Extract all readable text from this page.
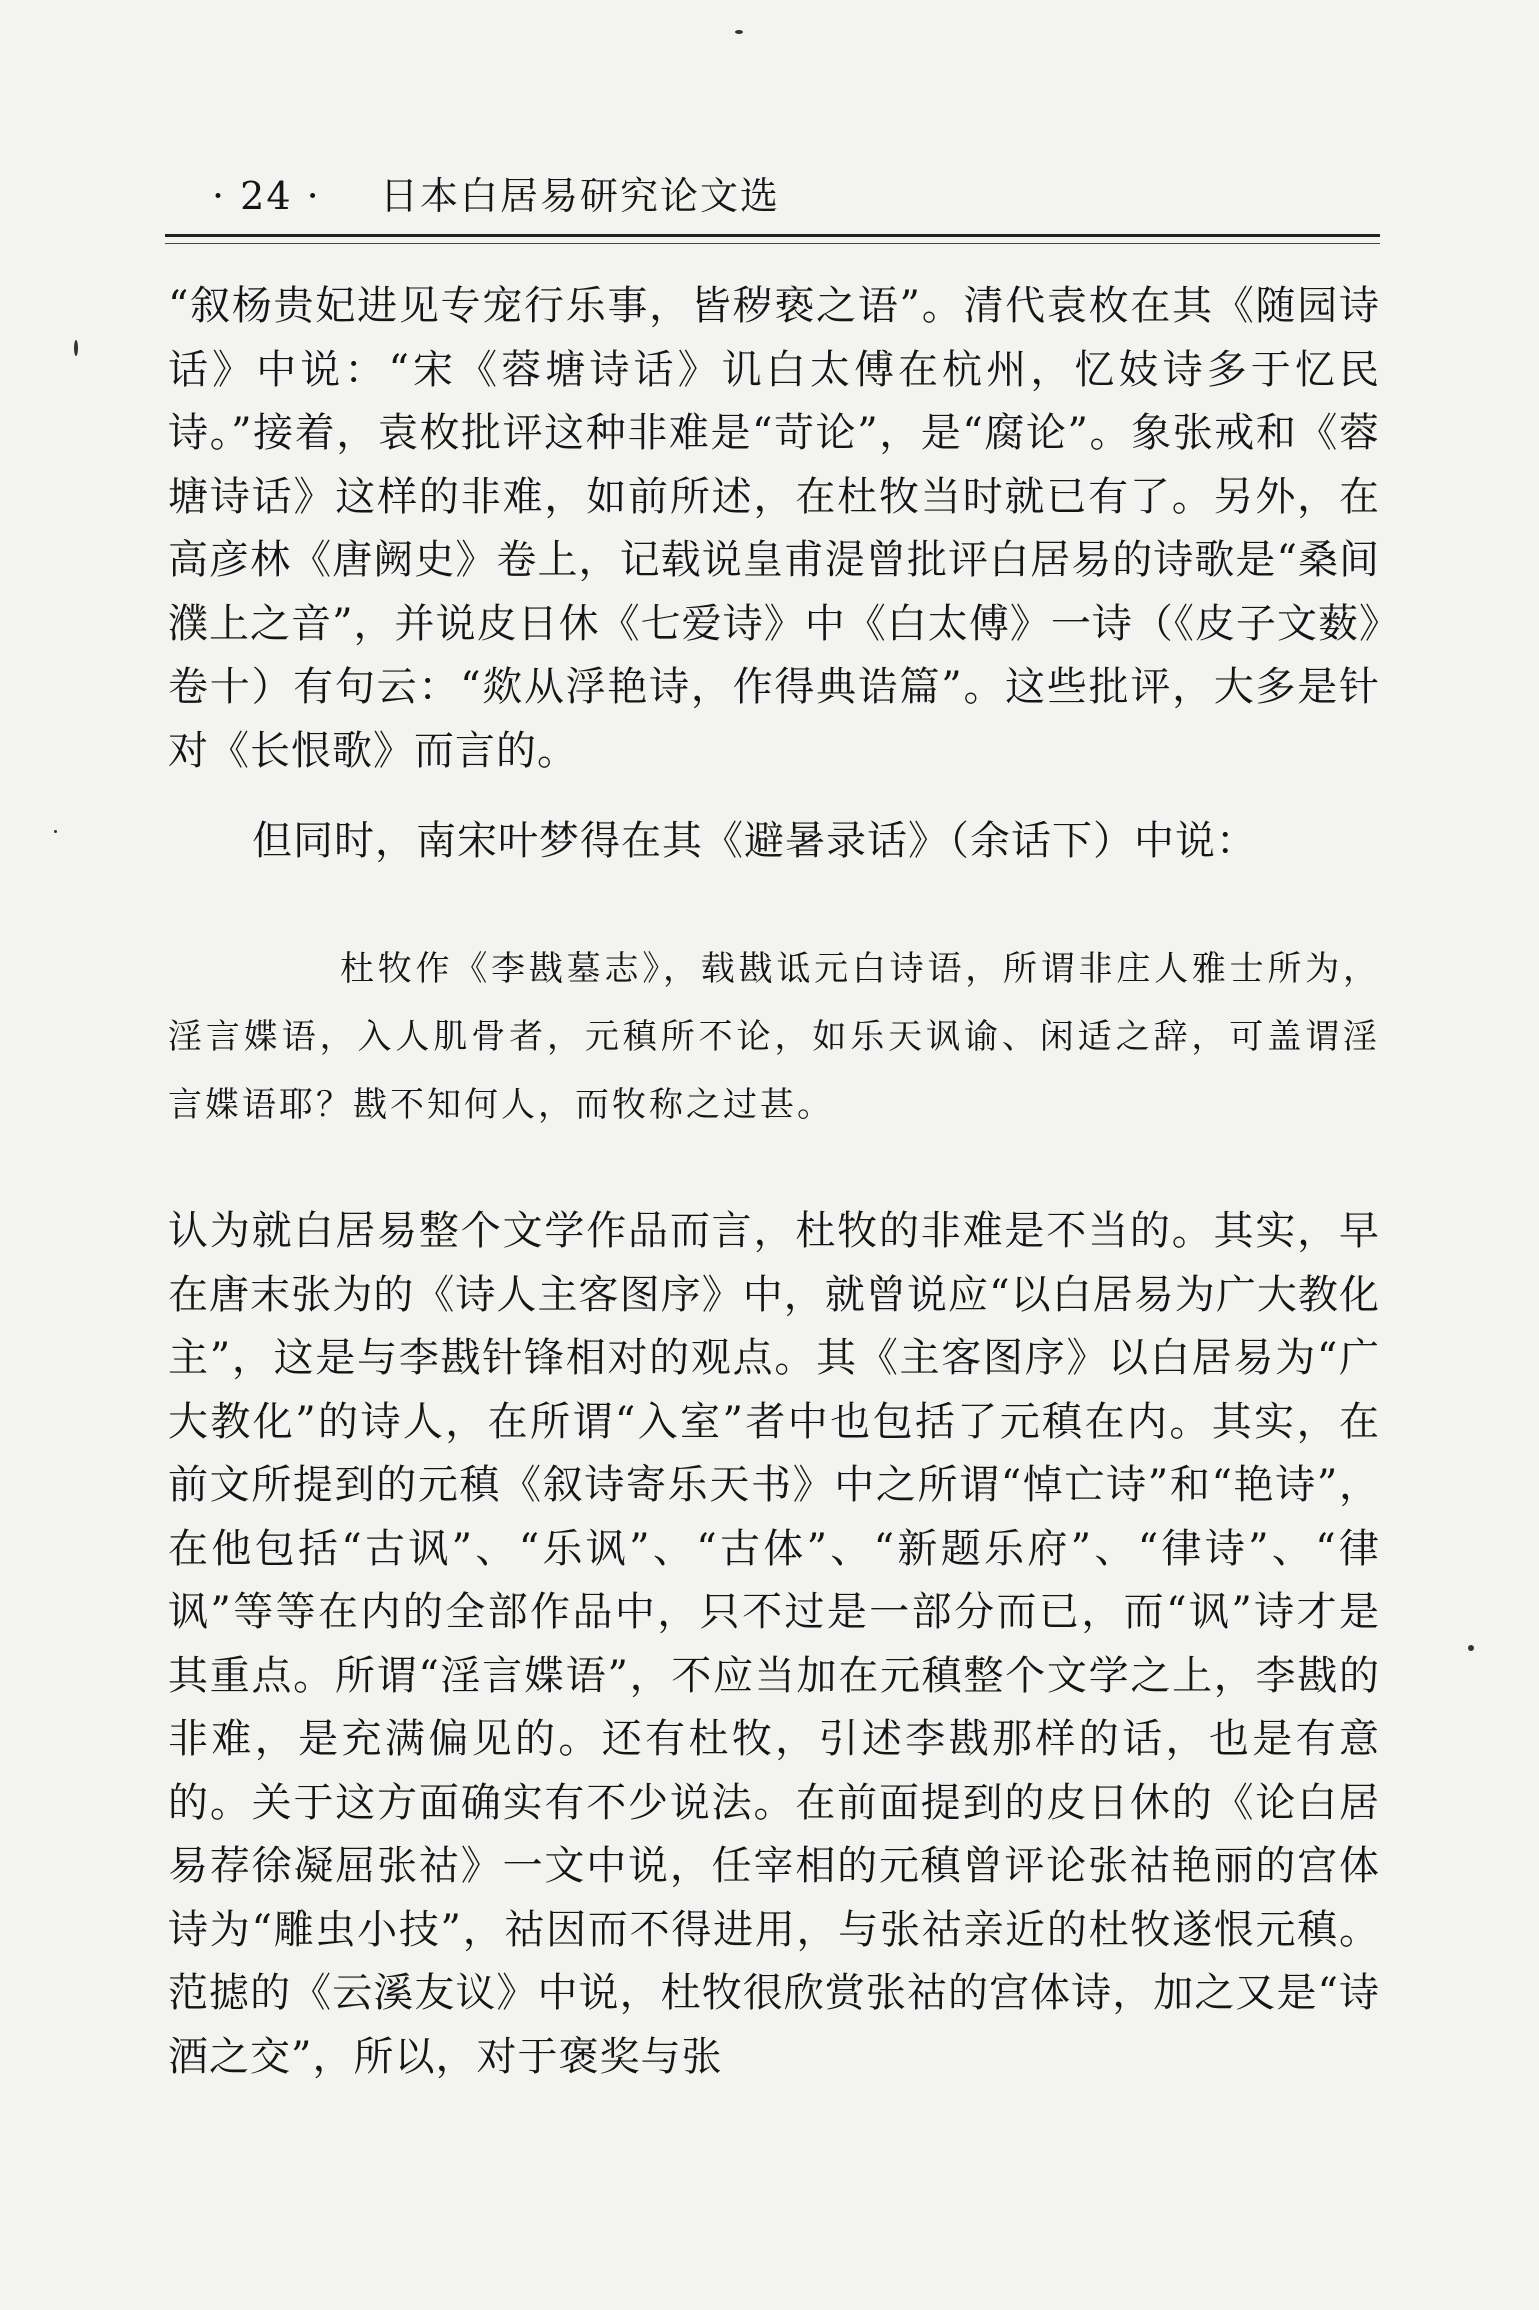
· 24 · 日本白居易研究论文选

“叙杨贵妃进见专宠行乐事，皆秽亵之语”。清代袁枚在其《随园诗话》中说：“宋《蓉塘诗话》讥白太傅在杭州，忆妓诗多于忆民诗。”接着，袁枚批评这种非难是“苛论”，是“腐论”。象张戒和《蓉塘诗话》这样的非难，如前所述，在杜牧当时就已有了。另外，在高彦林《唐阙史》卷上，记载说皇甫湜曾批评白居易的诗歌是“桑间濮上之音”，并说皮日休《七爱诗》中《白太傅》一诗（《皮子文薮》卷十）有句云：“欻从浮艳诗，作得典诰篇”。这些批评，大多是针对《长恨歌》而言的。

但同时，南宋叶梦得在其《避暑录话》（余话下）中说：

杜牧作《李戡墓志》，载戡诋元白诗语，所谓非庄人雅士所为，淫言媟语，入人肌骨者，元稹所不论，如乐天讽谕、闲适之辞，可盖谓淫言媟语耶？戡不知何人，而牧称之过甚。

认为就白居易整个文学作品而言，杜牧的非难是不当的。其实，早在唐末张为的《诗人主客图序》中，就曾说应“以白居易为广大教化主”，这是与李戡针锋相对的观点。其《主客图序》以白居易为“广大教化”的诗人，在所谓“入室”者中也包括了元稹在内。其实，在前文所提到的元稹《叙诗寄乐天书》中之所谓“悼亡诗”和“艳诗”，在他包括“古讽”、“乐讽”、“古体”、“新题乐府”、“律诗”、“律讽”等等在内的全部作品中，只不过是一部分而已，而“讽”诗才是其重点。所谓“淫言媟语”，不应当加在元稹整个文学之上，李戡的非难，是充满偏见的。还有杜牧，引述李戡那样的话，也是有意的。关于这方面确实有不少说法。在前面提到的皮日休的《论白居易荐徐凝屈张祜》一文中说，任宰相的元稹曾评论张祜艳丽的宫体诗为“雕虫小技”，祜因而不得进用，与张祜亲近的杜牧遂恨元稹。范摅的《云溪友议》中说，杜牧很欣赏张祜的宫体诗，加之又是“诗酒之交”，所以，对于褒奖与张
